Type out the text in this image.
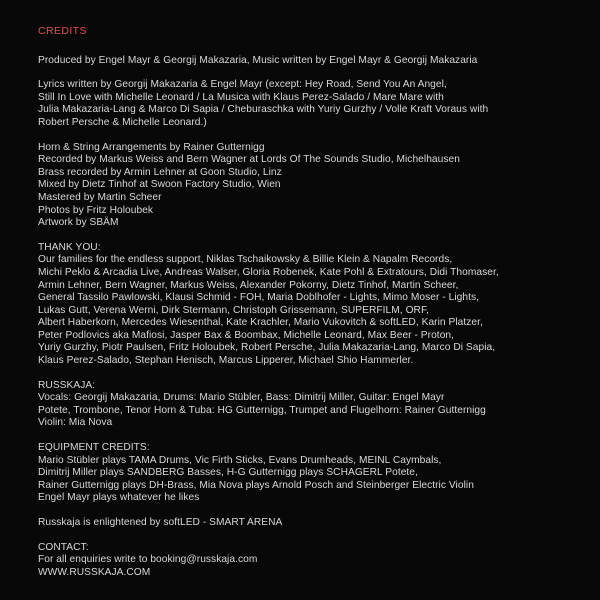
CREDITS
Produced by Engel Mayr & Georgij Makazaria, Music written by Engel Mayr & Georgij Makazaria
Lyrics written by Georgij Makazaria & Engel Mayr (except: Hey Road, Send You An Angel,
Still In Love with Michelle Leonard / La Musica with Klaus Perez-Salado / Mare Mare with
Julia Makazaria-Lang & Marco Di Sapia / Cheburaschka with Yuriy Gurzhy / Volle Kraft Voraus with
Robert Persche & Michelle Leonard.)
Horn & String Arrangements by Rainer Gutternigg
Recorded by Markus Weiss and Bern Wagner at Lords Of The Sounds Studio, Michelhausen
Brass recorded by Armin Lehner at Goon Studio, Linz
Mixed by Dietz Tinhof at Swoon Factory Studio, Wien
Mastered by Martin Scheer
Photos by Fritz Holoubek
Artwork by SBÄM
THANK YOU:
Our families for the endless support, Niklas Tschaikowsky & Billie Klein & Napalm Records,
Michi Peklo & Arcadia Live, Andreas Walser, Gloria Robenek, Kate Pohl & Extratours, Didi Thomaser,
Armin Lehner, Bern Wagner, Markus Weiss, Alexander Pokorny, Dietz Tinhof, Martin Scheer,
General Tassilo Pawlowski, Klausi Schmid - FOH, Maria Doblhofer - Lights, Mimo Moser - Lights,
Lukas Gutt, Verena Werni, Dirk Stermann, Christoph Grissemann, SUPERFILM, ORF,
Albert Haberkorn, Mercedes Wiesenthal, Kate Krachler, Mario Vukovitch & softLED, Karin Platzer,
Peter Podlovics aka Mafiosi, Jasper Bax & Boombax, Michelle Leonard, Max Beer - Proton,
Yuriy Gurzhy, Piotr Paulsen, Fritz Holoubek, Robert Persche, Julia Makazaria-Lang, Marco Di Sapia,
Klaus Perez-Salado, Stephan Henisch, Marcus Lipperer, Michael Shio Hammerler.
RUSSKAJA:
Vocals: Georgij Makazaria, Drums: Mario Stübler, Bass: Dimitrij Miller, Guitar: Engel Mayr
Potete, Trombone, Tenor Horn & Tuba: HG Gutternigg, Trumpet and Flugelhorn: Rainer Gutternigg
Violin: Mia Nova
EQUIPMENT CREDITS:
Mario Stübler plays TAMA Drums, Vic Firth Sticks, Evans Drumheads, MEINL Caymbals,
Dimitrij Miller plays SANDBERG Basses, H-G Gutternigg plays SCHAGERL Potete,
Rainer Gutternigg plays DH-Brass, Mia Nova plays Arnold Posch and Steinberger Electric Violin
Engel Mayr plays whatever he likes
Russkaja is enlightened by softLED - SMART ARENA
CONTACT:
For all enquiries write to booking@russkaja.com
WWW.RUSSKAJA.COM
